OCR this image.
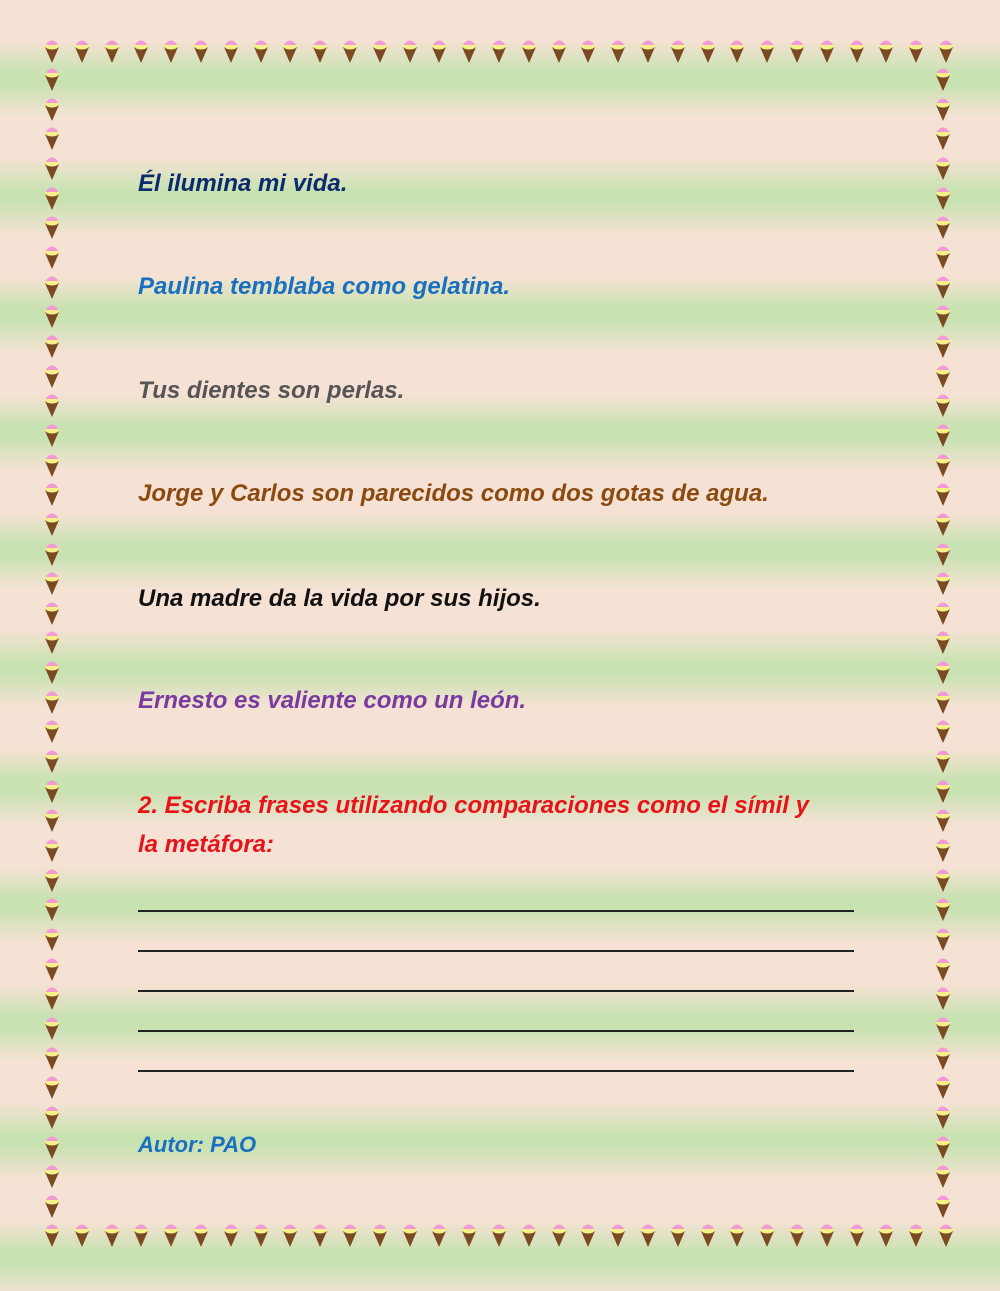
Él ilumina mi vida.

Paulina temblaba como gelatina.

Tus dientes son perlas.

Jorge y Carlos son parecidos como dos gotas de agua.

Una madre da la vida por sus hijos.

Ernesto es valiente como un león.

2. Escriba frases utilizando comparaciones como el símil y
la metáfora:

Autor: PAO
